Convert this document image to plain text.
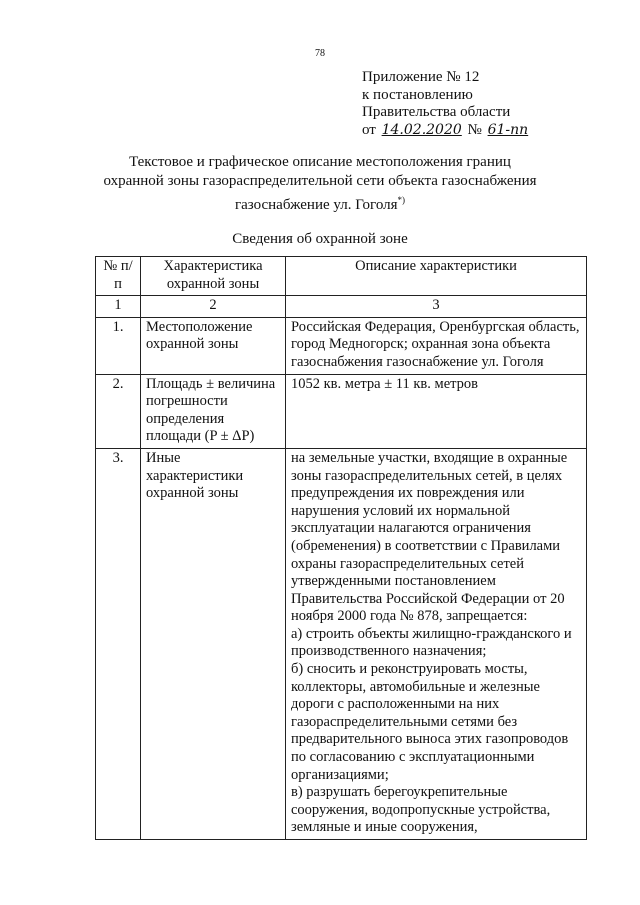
78
Приложение № 12
к постановлению
Правительства области
от 14.02.2020 № 61-пп
Текстовое и графическое описание местоположения границ
охранной зоны газораспределительной сети объекта газоснабжения
газоснабжение ул. Гоголя*)
Сведения об охранной зоне
№ п/п	Характеристика охранной зоны	Описание характеристики
1	2	3
1.	Местоположение охранной зоны	Российская Федерация, Оренбургская область, город Медногорск; охранная зона объекта газоснабжения газоснабжение ул. Гоголя
2.	Площадь ± величина погрешности определения площади (P ± ΔP)	1052 кв. метра ± 11 кв. метров
3.	Иные характеристики охранной зоны	на земельные участки, входящие в охранные зоны газораспределительных сетей, в целях предупреждения их повреждения или нарушения условий их нормальной эксплуатации налагаются ограничения (обременения) в соответствии с Правилами охраны газораспределительных сетей утвержденными постановлением Правительства Российской Федерации от 20 ноября 2000 года № 878, запрещается:
а) строить объекты жилищно-гражданского и производственного назначения;
б) сносить и реконструировать мосты, коллекторы, автомобильные и железные дороги с расположенными на них газораспределительными сетями без предварительного выноса этих газопроводов по согласованию с эксплуатационными организациями;
в) разрушать берегоукрепительные сооружения, водопропускные устройства, земляные и иные сооружения,
